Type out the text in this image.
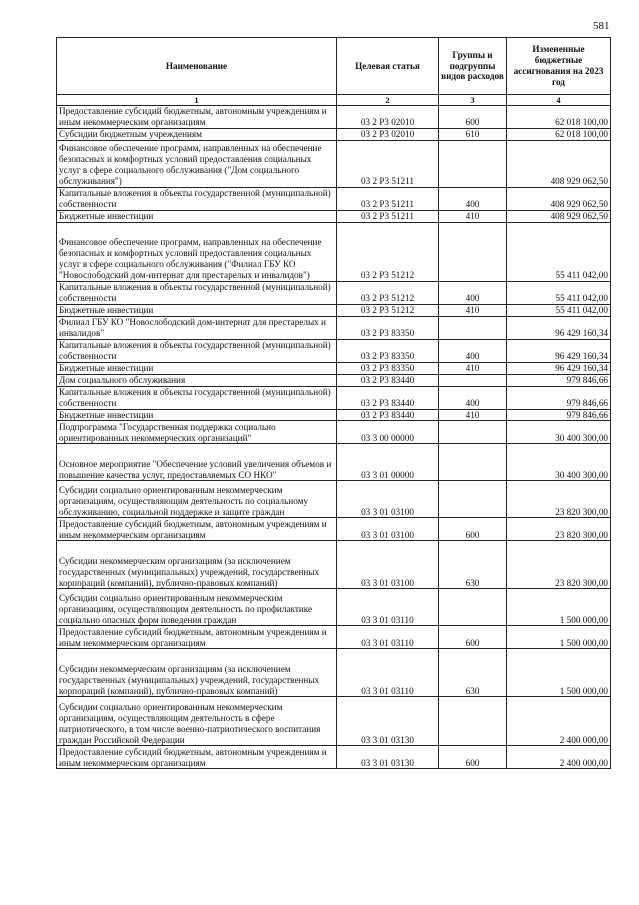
581
Наименование	Целевая статья	Группы и подгруппы видов расходов	Измененные бюджетные ассигнования на 2023 год
1	2	3	4
Предоставление субсидий бюджетным, автономным учреждениям и иным некоммерческим организациям	03 2 Р3 02010	600	62 018 100,00
Субсидии бюджетным учреждениям	03 2 Р3 02010	610	62 018 100,00
Финансовое обеспечение программ, направленных на обеспечение безопасных и комфортных условий предоставления социальных услуг в сфере социального обслуживания ("Дом социального обслуживания")	03 2 Р3 51211		408 929 062,50
Капитальные вложения в объекты государственной (муниципальной) собственности	03 2 Р3 51211	400	408 929 062,50
Бюджетные инвестиции	03 2 Р3 51211	410	408 929 062,50
Финансовое обеспечение программ, направленных на обеспечение безопасных и комфортных условий предоставления социальных услуг в сфере социального обслуживания ("Филиал ГБУ КО "Новослободский дом-интернат для престарелых и инвалидов")	03 2 Р3 51212		55 411 042,00
Капитальные вложения в объекты государственной (муниципальной) собственности	03 2 Р3 51212	400	55 411 042,00
Бюджетные инвестиции	03 2 Р3 51212	410	55 411 042,00
Филиал ГБУ КО "Новослободский дом-интернат для престарелых и инвалидов"	03 2 Р3 83350		96 429 160,34
Капитальные вложения в объекты государственной (муниципальной) собственности	03 2 Р3 83350	400	96 429 160,34
Бюджетные инвестиции	03 2 Р3 83350	410	96 429 160,34
Дом социального обслуживания	03 2 Р3 83440		979 846,66
Капитальные вложения в объекты государственной (муниципальной) собственности	03 2 Р3 83440	400	979 846,66
Бюджетные инвестиции	03 2 Р3 83440	410	979 846,66
Подпрограмма "Государственная поддержка социально ориентированных некоммерческих организаций"	03 3 00 00000		30 400 300,00
Основное мероприятие "Обеспечение условий увеличения объемов и повышение качества услуг, предоставляемых СО НКО"	03 3 01 00000		30 400 300,00
Субсидии социально ориентированным некоммерческим организациям, осуществляющим деятельность по социальному обслуживанию, социальной поддержке и защите граждан	03 3 01 03100		23 820 300,00
Предоставление субсидий бюджетным, автономным учреждениям и иным некоммерческим организациям	03 3 01 03100	600	23 820 300,00
Субсидии некоммерческим организациям (за исключением государственных (муниципальных) учреждений, государственных корпораций (компаний), публично-правовых компаний)	03 3 01 03100	630	23 820 300,00
Субсидии социально ориентированным некоммерческим организациям, осуществляющим деятельность по профилактике социально опасных форм поведения граждан	03 3 01 03110		1 500 000,00
Предоставление субсидий бюджетным, автономным учреждениям и иным некоммерческим организациям	03 3 01 03110	600	1 500 000,00
Субсидии некоммерческим организациям (за исключением государственных (муниципальных) учреждений, государственных корпораций (компаний), публично-правовых компаний)	03 3 01 03110	630	1 500 000,00
Субсидии социально ориентированным некоммерческим организациям, осуществляющим деятельность в сфере патриотического, в том числе военно-патриотического воспитания граждан Российской Федерации	03 3 01 03130		2 400 000,00
Предоставление субсидий бюджетным, автономным учреждениям и иным некоммерческим организациям	03 3 01 03130	600	2 400 000,00
